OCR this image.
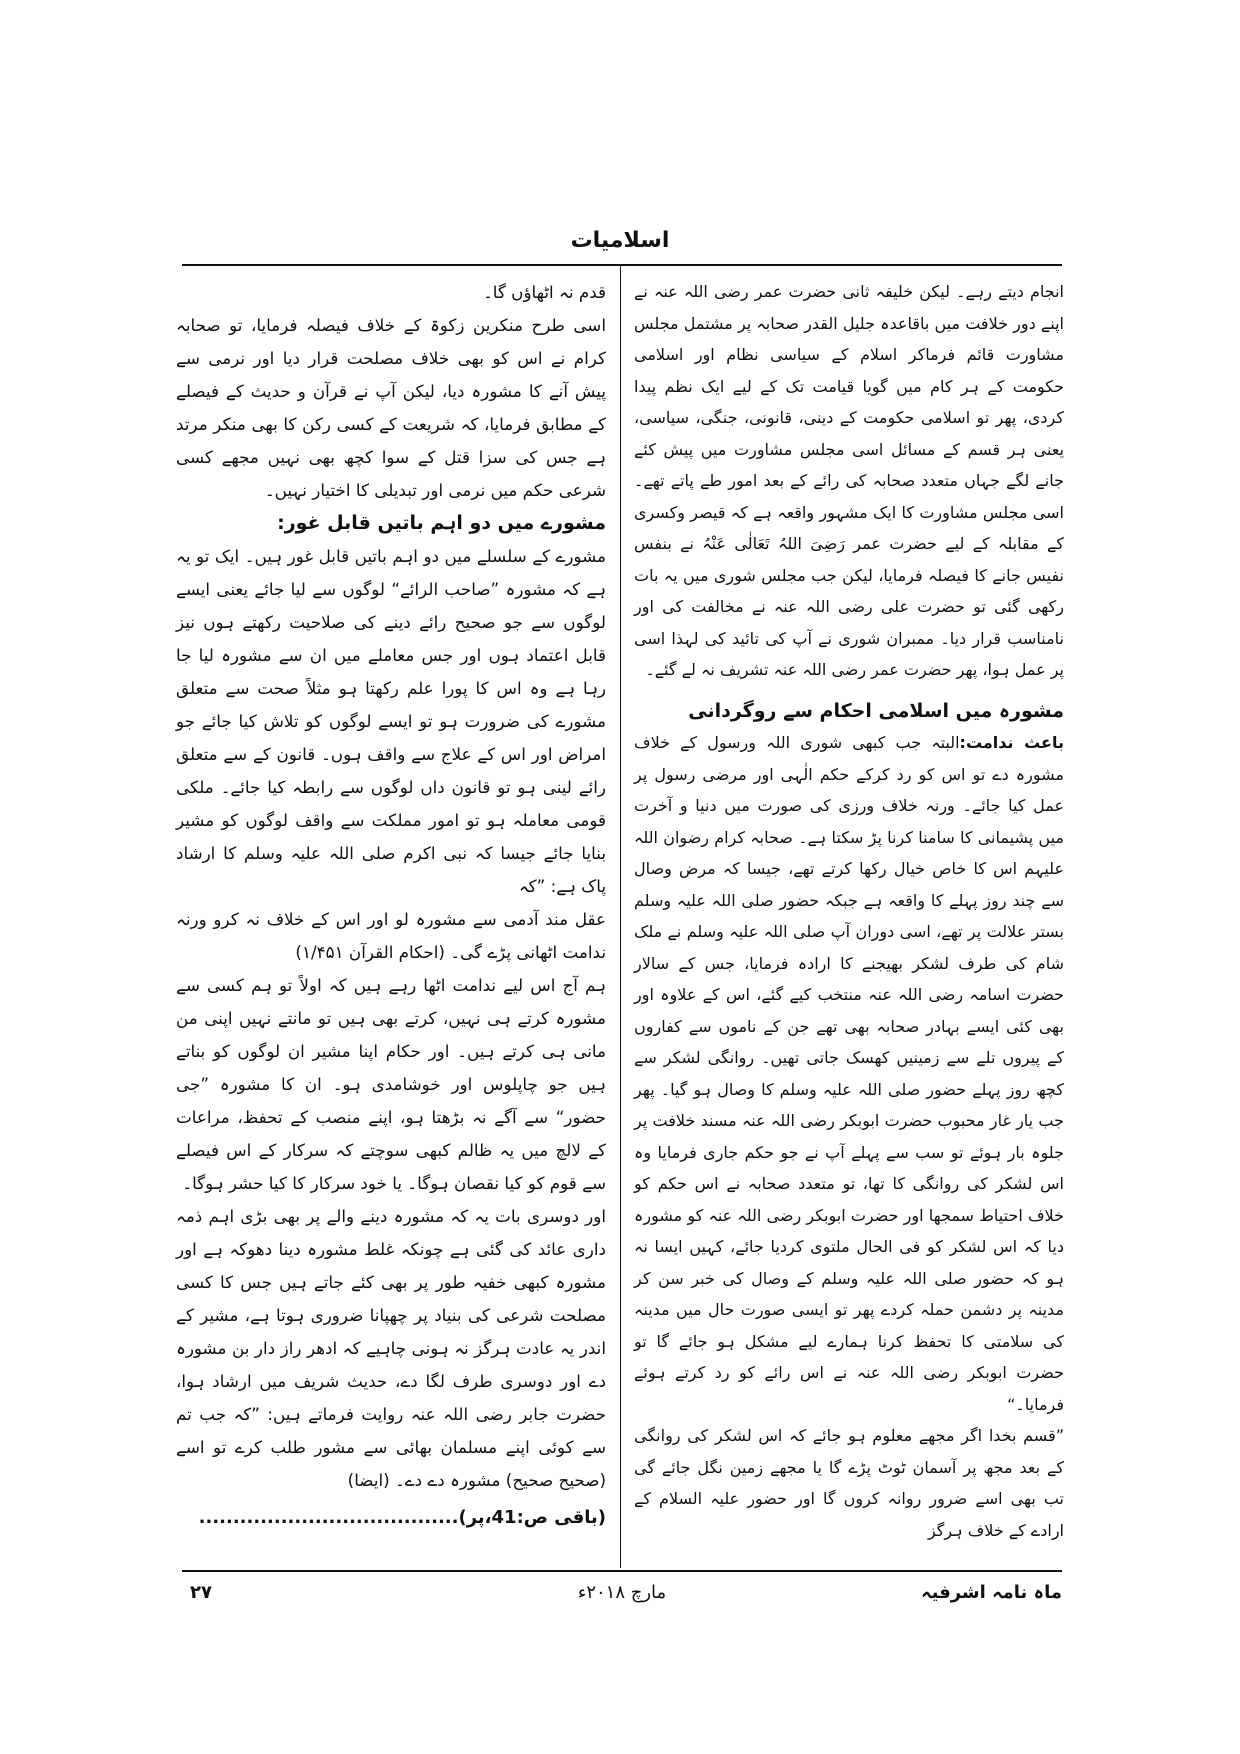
اسلامیات

انجام دیتے رہے۔ لیکن خلیفہ ثانی حضرت عمر رضی اللہ عنہ نے اپنے دور خلافت میں باقاعدہ جلیل القدر صحابہ پر مشتمل مجلس مشاورت قائم فرماکر اسلام کے سیاسی نظام اور اسلامی حکومت کے ہر کام میں گویا قیامت تک کے لیے ایک نظم پیدا کردی، پھر تو اسلامی حکومت کے دینی، قانونی، جنگی، سیاسی، یعنی ہر قسم کے مسائل اسی مجلس مشاورت میں پیش کئے جانے لگے جہاں متعدد صحابہ کی رائے کے بعد امور طے پاتے تھے۔ اسی مجلس مشاورت کا ایک مشہور واقعہ ہے کہ قیصر وکسری کے مقابلہ کے لیے حضرت عمر رَضِیَ اللہُ تَعَالٰی عَنْہُ نے بنفس نفیس جانے کا فیصلہ فرمایا، لیکن جب مجلس شوری میں یہ بات رکھی گئی تو حضرت علی رضی اللہ عنہ نے مخالفت کی اور نامناسب قرار دیا۔ ممبران شوری نے آپ کی تائید کی لہذا اسی پر عمل ہوا، پھر حضرت عمر رضی اللہ عنہ تشریف نہ لے گئے۔

مشورہ میں اسلامی احکام سے روگردانی

باعث ندامت:البتہ جب کبھی شوری اللہ ورسول کے خلاف مشورہ دے تو اس کو رد کرکے حکم الٰہی اور مرضی رسول پر عمل کیا جائے۔ ورنہ خلاف ورزی کی صورت میں دنیا و آخرت میں پشیمانی کا سامنا کرنا پڑ سکتا ہے۔ صحابہ کرام رضوان اللہ علیہم اس کا خاص خیال رکھا کرتے تھے، جیسا کہ مرض وصال سے چند روز پہلے کا واقعہ ہے جبکہ حضور صلی اللہ علیہ وسلم بستر علالت پر تھے، اسی دوران آپ صلی اللہ علیہ وسلم نے ملک شام کی طرف لشکر بھیجنے کا ارادہ فرمایا، جس کے سالار حضرت اسامہ رضی اللہ عنہ منتخب کیے گئے، اس کے علاوہ اور بھی کئی ایسے بہادر صحابہ بھی تھے جن کے ناموں سے کفاروں کے پیروں تلے سے زمینیں کھسک جاتی تھیں۔ روانگی لشکر سے کچھ روز پہلے حضور صلی اللہ علیہ وسلم کا وصال ہو گیا۔ پھر جب یار غار محبوب حضرت ابوبکر رضی اللہ عنہ مسند خلافت پر جلوہ بار ہوئے تو سب سے پہلے آپ نے جو حکم جاری فرمایا وہ اس لشکر کی روانگی کا تھا، تو متعدد صحابہ نے اس حکم کو خلاف احتیاط سمجھا اور حضرت ابوبکر رضی اللہ عنہ کو مشورہ دیا کہ اس لشکر کو فی الحال ملتوی کردیا جائے، کہیں ایسا نہ ہو کہ حضور صلی اللہ علیہ وسلم کے وصال کی خبر سن کر مدینہ پر دشمن حملہ کردے پھر تو ایسی صورت حال میں مدینہ کی سلامتی کا تحفظ کرنا ہمارے لیے مشکل ہو جائے گا تو حضرت ابوبکر رضی اللہ عنہ نے اس رائے کو رد کرتے ہوئے فرمایا۔“

”قسم بخدا اگر مجھے معلوم ہو جائے کہ اس لشکر کی روانگی کے بعد مجھ پر آسمان ٹوٹ پڑے گا یا مجھے زمین نگل جائے گی تب بھی اسے ضرور روانہ کروں گا اور حضور علیہ السلام کے ارادے کے خلاف ہرگز

قدم نہ اٹھاؤں گا۔

اسی طرح منکرین زکوۃ کے خلاف فیصلہ فرمایا، تو صحابہ کرام نے اس کو بھی خلاف مصلحت قرار دیا اور نرمی سے پیش آنے کا مشورہ دیا، لیکن آپ نے قرآن و حدیث کے فیصلے کے مطابق فرمایا، کہ شریعت کے کسی رکن کا بھی منکر مرتد ہے جس کی سزا قتل کے سوا کچھ بھی نہیں مجھے کسی شرعی حکم میں نرمی اور تبدیلی کا اختیار نہیں۔

مشورے میں دو اہم باتیں قابل غور:

مشورے کے سلسلے میں دو اہم باتیں قابل غور ہیں۔ ایک تو یہ ہے کہ مشورہ ”صاحب الرائے“ لوگوں سے لیا جائے یعنی ایسے لوگوں سے جو صحیح رائے دینے کی صلاحیت رکھتے ہوں نیز قابل اعتماد ہوں اور جس معاملے میں ان سے مشورہ لیا جا رہا ہے وہ اس کا پورا علم رکھتا ہو مثلاً صحت سے متعلق مشورے کی ضرورت ہو تو ایسے لوگوں کو تلاش کیا جائے جو امراض اور اس کے علاج سے واقف ہوں۔ قانون کے سے متعلق رائے لینی ہو تو قانون داں لوگوں سے رابطہ کیا جائے۔ ملکی قومی معاملہ ہو تو امور مملکت سے واقف لوگوں کو مشیر بنایا جائے جیسا کہ نبی اکرم صلی اللہ علیہ وسلم کا ارشاد پاک ہے: ”کہ

عقل مند آدمی سے مشورہ لو اور اس کے خلاف نہ کرو ورنہ ندامت اٹھانی پڑے گی۔ (احکام القرآن ۱/۴۵۱)

ہم آج اس لیے ندامت اٹھا رہے ہیں کہ اولاً تو ہم کسی سے مشورہ کرتے ہی نہیں، کرتے بھی ہیں تو مانتے نہیں اپنی من مانی ہی کرتے ہیں۔ اور حکام اپنا مشیر ان لوگوں کو بناتے ہیں جو چاپلوس اور خوشامدی ہو۔ ان کا مشورہ ”جی حضور“ سے آگے نہ بڑھتا ہو، اپنے منصب کے تحفظ، مراعات کے لالچ میں یہ ظالم کبھی سوچتے کہ سرکار کے اس فیصلے سے قوم کو کیا نقصان ہوگا۔ یا خود سرکار کا کیا حشر ہوگا۔

اور دوسری بات یہ کہ مشورہ دینے والے پر بھی بڑی اہم ذمہ داری عائد کی گئی ہے چونکہ غلط مشورہ دینا دھوکہ ہے اور مشورہ کبھی خفیہ طور پر بھی کئے جاتے ہیں جس کا کسی مصلحت شرعی کی بنیاد پر چھپانا ضروری ہوتا ہے، مشیر کے اندر یہ عادت ہرگز نہ ہونی چاہیے کہ ادھر راز دار بن مشورہ دے اور دوسری طرف لگا دے، حدیث شریف میں ارشاد ہوا، حضرت جابر رضی اللہ عنہ روایت فرماتے ہیں: ”کہ جب تم سے کوئی اپنے مسلمان بھائی سے مشور طلب کرے تو اسے (صحیح صحیح) مشورہ دے دے۔ (ایضا)

(باقی ص:41،پر)......................................

۲۷	مارچ ۲۰۱۸ء	ماہ نامہ اشرفیہ
